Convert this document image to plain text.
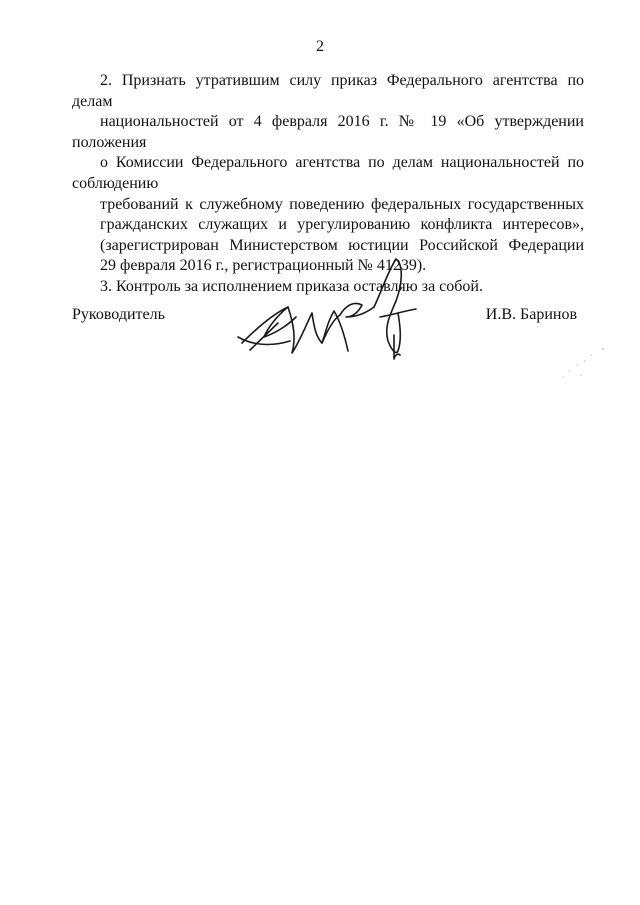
2
2. Признать утратившим силу приказ Федерального агентства по делам
национальностей от 4 февраля 2016 г. № 19 «Об утверждении положения
о Комиссии Федерального агентства по делам национальностей по соблюдению
требований к служебному поведению федеральных государственных
гражданских служащих и урегулированию конфликта интересов»,
(зарегистрирован Министерством юстиции Российской Федерации
29 февраля 2016 г., регистрационный № 41239).

3. Контроль за исполнением приказа оставляю за собой.

Руководитель	И.В. Баринов
